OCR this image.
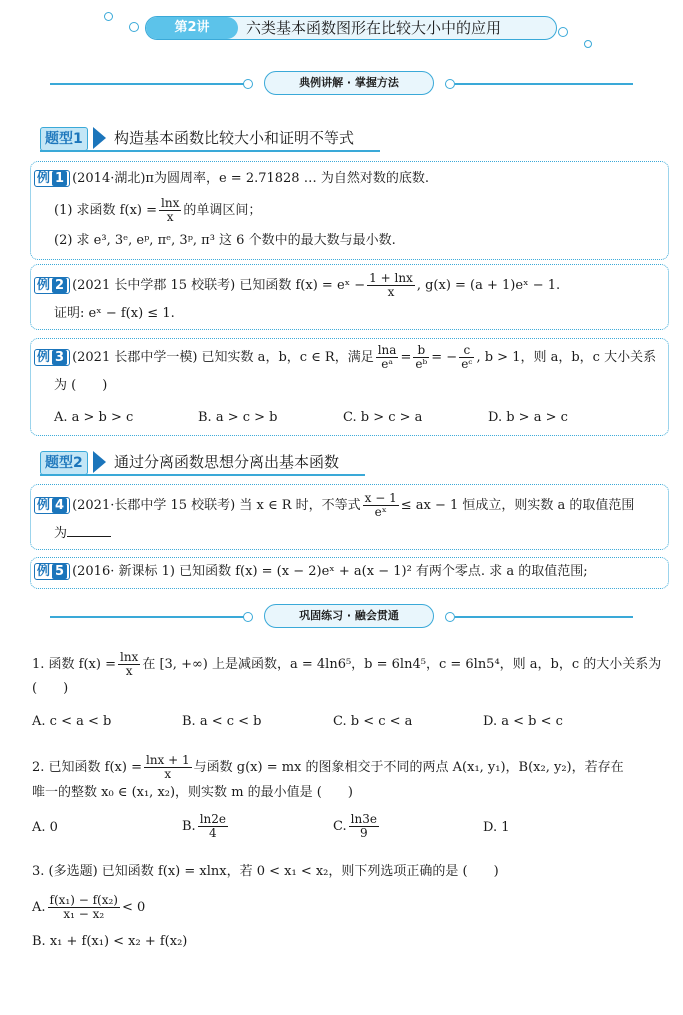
第2讲	六类基本函数图形在比较大小中的应用
典例讲解 · 掌握方法
题型1	构造基本函数比较大小和证明不等式
例 1 (2014·湖北)π为圆周率，e = 2.71828 … 为自然对数的底数.
(1) 求函数 $f(x) = \frac{\ln x}{x}$ 的单调区间；
(2) 求 e³, 3ᵉ, eᵖ, πᵉ, 3ᵖ, π³ 这 6 个数中的最大数与最小数.
例 2 (2021 长中学郡 15 校联考) 已知函数 f(x) = eˣ − $\frac{1 + \ln x}{x}$ , g(x) = (a + 1)eˣ − 1.
证明: eˣ − f(x) ≤ 1.
例 3 (2021 长郡中学一模) 已知实数 a，b，c ∈ R，满足 $\frac{\ln a}{\text{eᵃ}} = \frac{b}{\text{eᵇ}}$ = − $\frac{c}{\text{eᶜ}}$ , b > 1，则 a，b，c 大小关系
为 (　　)
A. a > b > c	B. a > c > b	C. b > c > a	D. b > a > c
题型2	通过分离函数思想分离出基本函数
例 4 (2021·长郡中学 15 校联考) 当 x ∈ R 时，不等式 $\frac{x - 1}{\text{eˣ}}$ ≤ ax − 1 恒成立，则实数 a 的取值范围
为
例 5 (2016· 新课标 1) 已知函数 f(x) = (x − 2)eˣ + a(x − 1)² 有两个零点. 求 a 的取值范围;
巩固练习 · 融会贯通
1. 函数 $f(x) = \frac{\ln x}{x}$ 在 [3, +∞) 上是减函数，a = 4ln6⁵，b = 6ln4⁵，c = 6ln5⁴，则 a，b，c 的大小关系为
(　　)
A. c < a < b	B. a < c < b	C. b < c < a	D. a < b < c
2. 已知函数 $f(x) = \frac{\ln x + 1}{x}$ 与函数 g(x) = mx 的图象相交于不同的两点 A(x₁, y₁)，B(x₂, y₂)，若存在
唯一的整数 x₀ ∈ (x₁, x₂)，则实数 m 的最小值是 (　　)
A. 0	B. $\frac{\ln 2e}{4}$	C. $\frac{\ln 3e}{9}$	D. 1
3. (多选题) 已知函数 f(x) = xlnx，若 0 < x₁ < x₂，则下列选项正确的是 (　　)
A. $\frac{\text{f(x₁) − f(x₂)}}{\text{x₁ − x₂}} < 0$
B. x₁ + f(x₁) < x₂ + f(x₂)
